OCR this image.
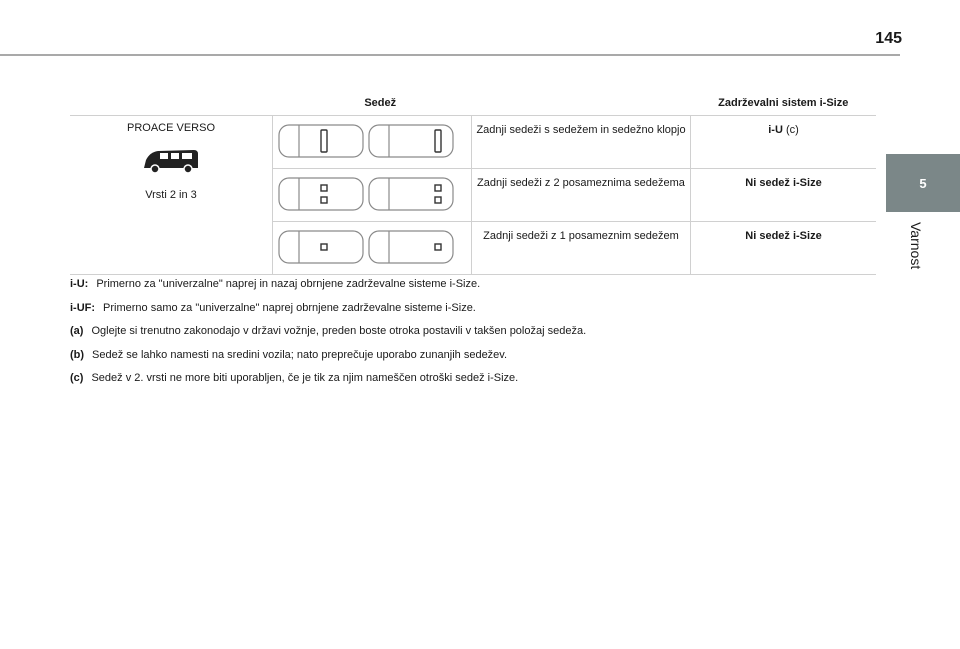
145
5
Varnost
Sedež			Zadrževalni sistem i-Size

PROACE VERSO
Vrsti 2 in 3		Zadnji sedeži s sedežem in sedežno klopjo	i-U (c)
	Zadnji sedeži z 2 posameznima sedežema	Ni sedež i-Size
	Zadnji sedeži z 1 posameznim sedežem	Ni sedež i-Size
i-U: Primerno za "univerzalne" naprej in nazaj obrnjene zadrževalne sisteme i-Size.
i-UF: Primerno samo za "univerzalne" naprej obrnjene zadrževalne sisteme i-Size.
(a) Oglejte si trenutno zakonodajo v državi vožnje, preden boste otroka postavili v takšen položaj sedeža.
(b) Sedež se lahko namesti na sredini vozila; nato preprečuje uporabo zunanjih sedežev.
(c) Sedež v 2. vrsti ne more biti uporabljen, če je tik za njim nameščen otroški sedež i-Size.
